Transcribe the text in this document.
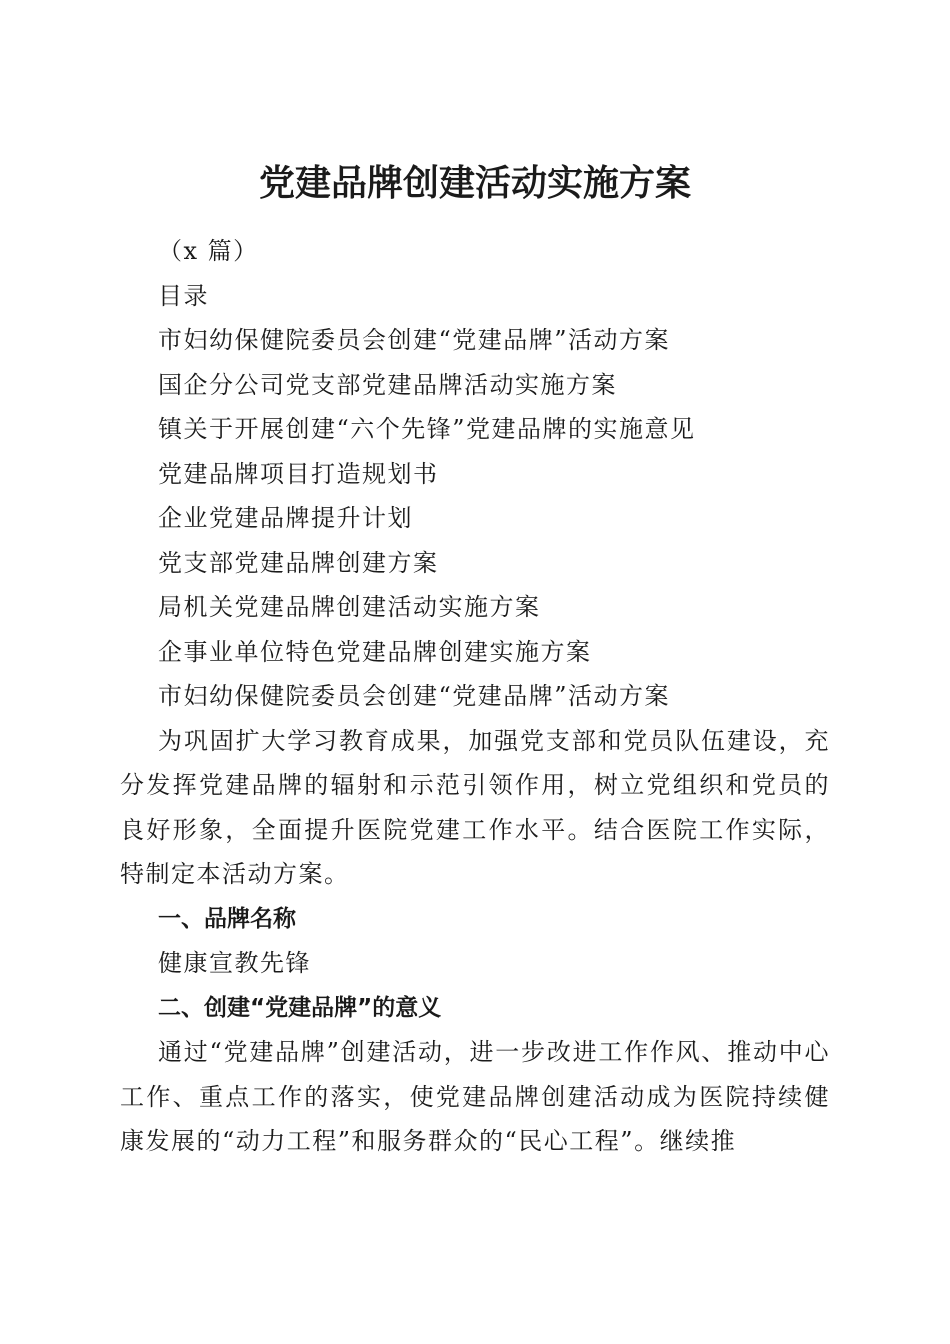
党建品牌创建活动实施方案

（x 篇）

目录

市妇幼保健院委员会创建“党建品牌”活动方案

国企分公司党支部党建品牌活动实施方案

镇关于开展创建“六个先锋”党建品牌的实施意见

党建品牌项目打造规划书

企业党建品牌提升计划

党支部党建品牌创建方案

局机关党建品牌创建活动实施方案

企事业单位特色党建品牌创建实施方案

市妇幼保健院委员会创建“党建品牌”活动方案

为巩固扩大学习教育成果，加强党支部和党员队伍建设，充分发挥党建品牌的辐射和示范引领作用，树立党组织和党员的良好形象，全面提升医院党建工作水平。结合医院工作实际，特制定本活动方案。

一、品牌名称

健康宣教先锋

二、创建“党建品牌”的意义

通过“党建品牌”创建活动，进一步改进工作作风、推动中心工作、重点工作的落实，使党建品牌创建活动成为医院持续健康发展的“动力工程”和服务群众的“民心工程”。继续推
